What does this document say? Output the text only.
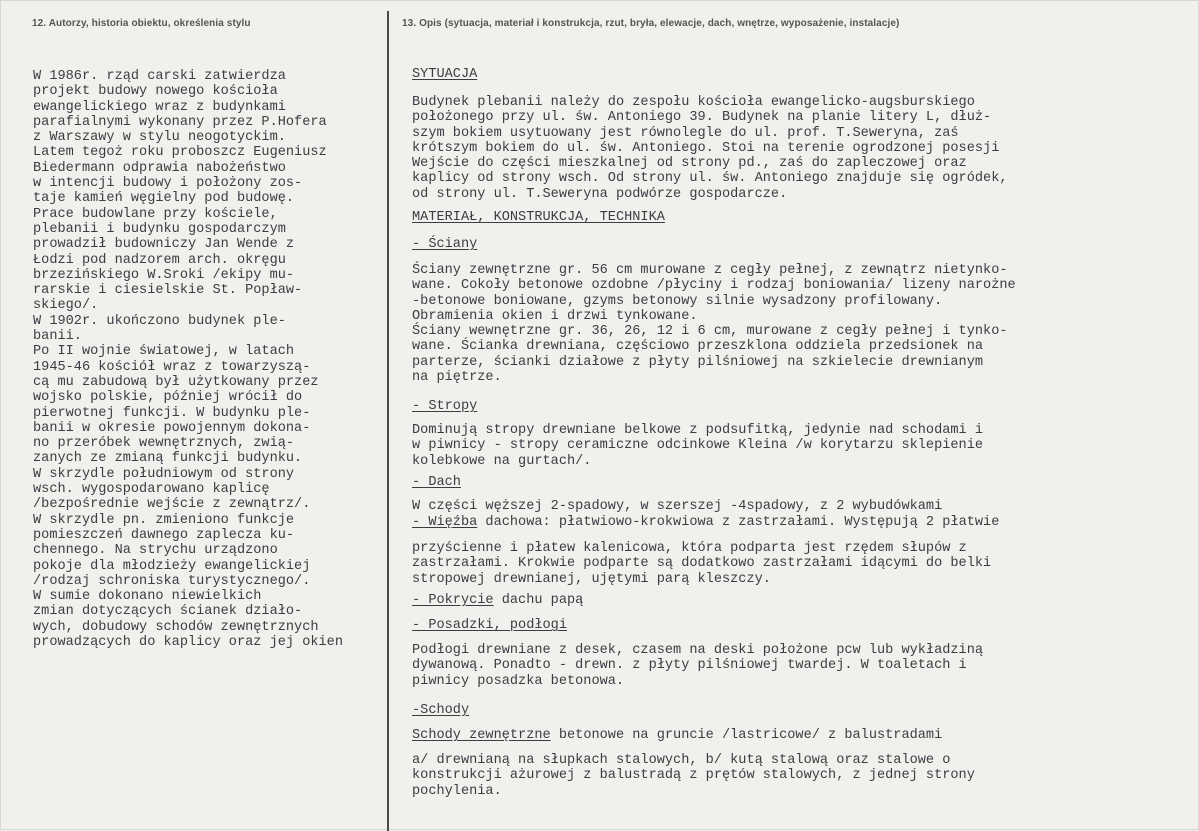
12. Autorzy, historia obiektu, określenia stylu	13. Opis (sytuacja, materiał i konstrukcja, rzut, bryła, elewacje, dach, wnętrze, wyposażenie, instalacje)
W 1986r. rząd carski zatwierdza
projekt budowy nowego kościoła
ewangelickiego wraz z budynkami
parafialnymi wykonany przez P.Hofera
z Warszawy w stylu neogotyckim.
Latem tegoż roku proboszcz Eugeniusz
Biedermann odprawia nabożeństwo
w intencji budowy i położony zos-
taje kamień węgielny pod budowę.
Prace budowlane przy kościele,
plebanii i budynku gospodarczym
prowadził budowniczy Jan Wende z
Łodzi pod nadzorem arch. okręgu
brzezińskiego W.Sroki /ekipy mu-
rarskie i ciesielskie St. Popław-
skiego/.
W 1902r. ukończono budynek ple-
banii.
Po II wojnie światowej, w latach
1945-46 kościół wraz z towarzyszą-
cą mu zabudową był użytkowany przez
wojsko polskie, później wrócił do
pierwotnej funkcji. W budynku ple-
banii w okresie powojennym dokona-
no przeróbek wewnętrznych, zwią-
zanych ze zmianą funkcji budynku.
W skrzydle południowym od strony
wsch. wygospodarowano kaplicę
/bezpośrednie wejście z zewnątrz/.
W skrzydle pn. zmieniono funkcje
pomieszczeń dawnego zaplecza ku-
chennego. Na strychu urządzono
pokoje dla młodzieży ewangelickiej
/rodzaj schroniska turystycznego/.
W sumie dokonano niewielkich
zmian dotyczących ścianek działo-
wych, dobudowy schodów zewnętrznych
prowadzących do kaplicy oraz jej okien
SYTUACJA
Budynek plebanii należy do zespołu kościoła ewangelicko-augsburskiego
położonego przy ul. św. Antoniego 39. Budynek na planie litery L, dłuż-
szym bokiem usytuowany jest równolegle do ul. prof. T.Seweryna, zaś
krótszym bokiem do ul. św. Antoniego. Stoi na terenie ogrodzonej posesji
Wejście do części mieszkalnej od strony pd., zaś do zapleczowej oraz
kaplicy od strony wsch. Od strony ul. św. Antoniego znajduje się ogródek,
od strony ul. T.Seweryna podwórze gospodarcze.
MATERIAŁ, KONSTRUKCJA, TECHNIKA
- Ściany
Ściany zewnętrzne gr. 56 cm murowane z cegły pełnej, z zewnątrz nietynko-
wane. Cokoły betonowe ozdobne /płyciny i rodzaj boniowania/ lizeny narożne
-betonowe boniowane, gzyms betonowy silnie wysadzony profilowany.
Obramienia okien i drzwi tynkowane.
Ściany wewnętrzne gr. 36, 26, 12 i 6 cm, murowane z cegły pełnej i tynko-
wane. Ścianka drewniana, częściowo przeszklona oddziela przedsionek na
parterze, ścianki działowe z płyty pilśniowej na szkielecie drewnianym
na piętrze.
- Stropy
Dominują stropy drewniane belkowe z podsufitką, jedynie nad schodami i
w piwnicy - stropy ceramiczne odcinkowe Kleina /w korytarzu sklepienie
kolebkowe na gurtach/.
- Dach
W części węższej 2-spadowy, w szerszej -4spadowy, z 2 wybudówkami
- Więźba dachowa: płatwiowo-krokwiowa z zastrzałami. Występują 2 płatwie
przyścienne i płatew kalenicowa, która podparta jest rzędem słupów z
zastrzałami. Krokwie podparte są dodatkowo zastrzałami idącymi do belki
stropowej drewnianej, ujętymi parą kleszczy.
- Pokrycie dachu papą
- Posadzki, podłogi
Podłogi drewniane z desek, czasem na deski położone pcw lub wykładziną
dywanową. Ponadto - drewn. z płyty pilśniowej twardej. W toaletach i
piwnicy posadzka betonowa.
-Schody
Schody zewnętrzne betonowe na gruncie /lastricowe/ z balustradami
a/ drewnianą na słupkach stalowych, b/ kutą stalową oraz stalowe o
konstrukcji ażurowej z balustradą z prętów stalowych, z jednej strony
pochylenia.
